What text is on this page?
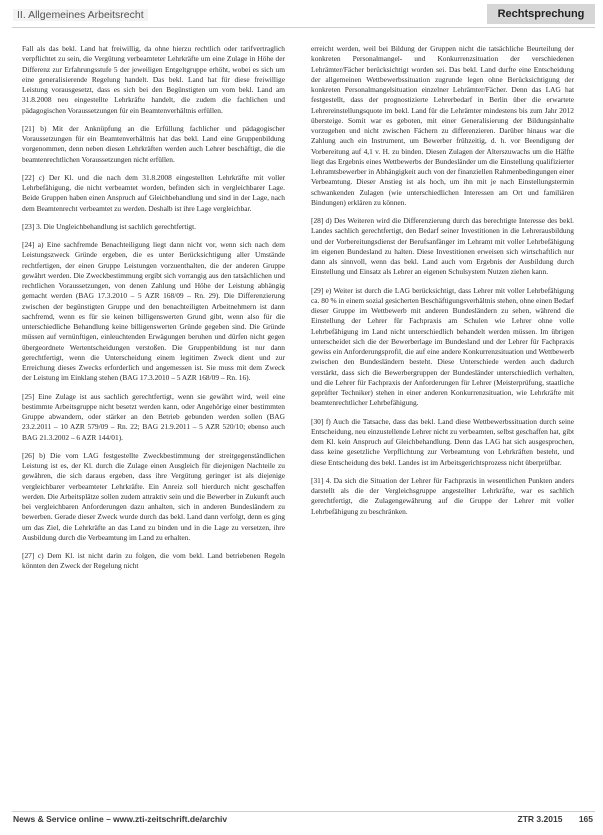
II. Allgemeines Arbeitsrecht	Rechtsprechung

Fall als das bekl. Land hat freiwillig, da ohne hierzu rechtlich oder tarifvertraglich verpflichtet zu sein, die Vergütung verbeamteter Lehrkräfte um eine Zulage in Höhe der Differenz zur Erfahrungsstufe 5 der jeweiligen Entgeltgruppe erhöht, wobei es sich um eine generalisierende Regelung handelt. Das bekl. Land hat für diese freiwillige Leistung vorausgesetzt, dass es sich bei den Begünstigten um vom bekl. Land am 31.8.2008 neu eingestellte Lehrkräfte handelt, die zudem die fachlichen und pädagogischen Voraussetzungen für ein Beamtenverhältnis erfüllen.

[21] b) Mit der Anknüpfung an die Erfüllung fachlicher und pädagogischer Voraussetzungen für ein Beamtenverhältnis hat das bekl. Land eine Gruppenbildung vorgenommen, denn neben diesen Lehrkräften werden auch Lehrer beschäftigt, die die beamtenrechtlichen Voraussetzungen nicht erfüllen.

[22] c) Der Kl. und die nach dem 31.8.2008 eingestellten Lehrkräfte mit voller Lehrbefähigung, die nicht verbeamtet worden, befinden sich in vergleichbarer Lage. Beide Gruppen haben einen Anspruch auf Gleichbehandlung und sind in der Lage, nach dem Beamtenrecht verbeamtet zu werden. Deshalb ist ihre Lage vergleichbar.

[23] 3. Die Ungleichbehandlung ist sachlich gerechtfertigt.

[24] a) Eine sachfremde Benachteiligung liegt dann nicht vor, wenn sich nach dem Leistungszweck Gründe ergeben, die es unter Berücksichtigung aller Umstände rechtfertigen, der einen Gruppe Leistungen vorzuenthalten, die der anderen Gruppe gewährt werden. Die Zweckbestimmung ergibt sich vorrangig aus den tatsächlichen und rechtlichen Voraussetzungen, von denen Zahlung und Höhe der Leistung abhängig gemacht werden (BAG 17.3.2010 – 5 AZR 168/09 – Rn. 29). Die Differenzierung zwischen der begünstigten Gruppe und den benachteiligten Arbeitnehmern ist dann sachfremd, wenn es für sie keinen billigenswerten Grund gibt, wenn also für die unterschiedliche Behandlung keine billigenswerten Gründe gegeben sind. Die Gründe müssen auf vernünftigen, einleuchtenden Erwägungen beruhen und dürfen nicht gegen übergeordnete Wertentscheidungen verstoßen. Die Gruppenbildung ist nur dann gerechtfertigt, wenn die Unterscheidung einem legitimen Zweck dient und zur Erreichung dieses Zwecks erforderlich und angemessen ist. Sie muss mit dem Zweck der Leistung im Einklang stehen (BAG 17.3.2010 – 5 AZR 168/09 – Rn. 16).

[25] Eine Zulage ist aus sachlich gerechtfertigt, wenn sie gewährt wird, weil eine bestimmte Arbeitsgruppe nicht besetzt werden kann, oder Angehörige einer bestimmten Gruppe abwandern, oder stärker an den Betrieb gebunden werden sollen (BAG 23.2.2011 – 10 AZR 579/09 – Rn. 22; BAG 21.9.2011 – 5 AZR 520/10; ebenso auch BAG 21.3.2002 – 6 AZR 144/01).

[26] b) Die vom LAG festgestellte Zweckbestimmung der streitgegenständlichen Leistung ist es, der Kl. durch die Zulage einen Ausgleich für diejenigen Nachteile zu gewähren, die sich daraus ergeben, dass ihre Vergütung geringer ist als diejenige vergleichbarer verbeamteter Lehrkräfte. Ein Anreiz soll hierdurch nicht geschaffen werden. Die Arbeitsplätze sollen zudem attraktiv sein und die Bewerber in Zukunft auch bei vergleichbaren Anforderungen dazu anhalten, sich in anderen Bundesländern zu bewerben. Gerade dieser Zweck wurde durch das bekl. Land dann verfolgt, denn es ging um das Ziel, die Lehrkräfte an das Land zu binden und in die Lage zu versetzen, ihre Ausbildung durch die Verbeamtung im Land zu erhalten.

[27] c) Dem Kl. ist nicht darin zu folgen, die vom bekl. Land betriebenen Regeln könnten den Zweck der Regelung nicht

erreicht werden, weil bei Bildung der Gruppen nicht die tatsächliche Beurteilung der konkreten Personalmangel- und Konkurrenzsituation der verschiedenen Lehrämter/Fächer berücksichtigt worden sei. Das bekl. Land durfte eine Entscheidung der allgemeinen Wettbewerbssituation zugrunde legen ohne Berücksichtigung der konkreten Personalmangelsituation einzelner Lehrämter/Fächer. Denn das LAG hat festgestellt, dass der prognostizierte Lehrerbedarf in Berlin über die erwartete Lehrereinstellungsquote im bekl. Land für die Lehrämter mindestens bis zum Jahr 2012 übersteige. Somit war es geboten, mit einer Generalisierung der Bildungsinhalte vorzugehen und nicht zwischen Fächern zu differenzieren. Darüber hinaus war die Zahlung auch ein Instrument, um Bewerber frühzeitig, d. h. vor Beendigung der Vorbereitung auf 4,1 v. H. zu binden. Diesen Zulagen der Alterszuwachs um die Hälfte liegt das Ergebnis eines Wettbewerbs der Bundesländer um die Einstellung qualifizierter Lehramtsbewerber in Abhängigkeit auch von der finanziellen Rahmenbedingungen einer Verbeamtung. Dieser Anstieg ist als hoch, um ihn mit je nach Einstellungstermin schwankenden Zulagen (wie unterschiedlichen Interessen am Ort und familiären Bindungen) erklären zu können.

[28] d) Des Weiteren wird die Differenzierung durch das berechtigte Interesse des bekl. Landes sachlich gerechtfertigt, den Bedarf seiner Investitionen in die Lehrerausbildung und der Vorbereitungsdienst der Berufsanfänger im Lehramt mit voller Lehrbefähigung im eigenen Bundesland zu halten. Diese Investitionen erweisen sich wirtschaftlich nur dann als sinnvoll, wenn das bekl. Land auch vom Ergebnis der Ausbildung durch Einstellung und Einsatz als Lehrer an eigenen Schulsystem Nutzen ziehen kann.

[29] e) Weiter ist durch die LAG berücksichtigt, dass Lehrer mit voller Lehrbefähigung ca. 80 % in einem sozial gesicherten Beschäftigungsverhältnis stehen, ohne einen Bedarf dieser Gruppe im Wettbewerb mit anderen Bundesländern zu sehen, während die Einstellung der Lehrer für Fachpraxis am Schulen wie Lehrer ohne volle Lehrbefähigung im Land nicht unterschiedlich behandelt werden müssen. Im übrigen unterscheidet sich die der Bewerberlage im Bundesland und der Lehrer für Fachpraxis gewiss ein Anforderungsprofil, die auf eine andere Konkurrenzsituation und Wettbewerb zwischen den Bundesländern besteht. Diese Unterschiede werden auch dadurch verstärkt, dass sich die Bewerbergruppen der Bundesländer unterschiedlich verhalten, und die Lehrer für Fachpraxis der Anforderungen für Lehrer (Meisterprüfung, staatliche geprüfter Techniker) stehen in einer anderen Konkurrenzsituation, wie Lehrkräfte mit beamtenrechtlicher Lehrbefähigung.

[30] f) Auch die Tatsache, dass das bekl. Land diese Wettbewerbssituation durch seine Entscheidung, neu einzustellende Lehrer nicht zu verbeamten, selbst geschaffen hat, gibt dem Kl. kein Anspruch auf Gleichbehandlung. Denn das LAG hat sich ausgesprochen, dass keine gesetzliche Verpflichtung zur Verbeamtung von Lehrkräften besteht, und diese Entscheidung des bekl. Landes ist im Arbeitsgerichtsprozess nicht überprüfbar.

[31] 4. Da sich die Situation der Lehrer für Fachpraxis in wesentlichen Punkten anders darstellt als die der Vergleichsgruppe angestellter Lehrkräfte, war es sachlich gerechtfertigt, die Zulagengewährung auf die Gruppe der Lehrer mit voller Lehrbefähigung zu beschränken.

News & Service online – www.zti-zeitschrift.de/archiv	ZTR 3.2015 165
